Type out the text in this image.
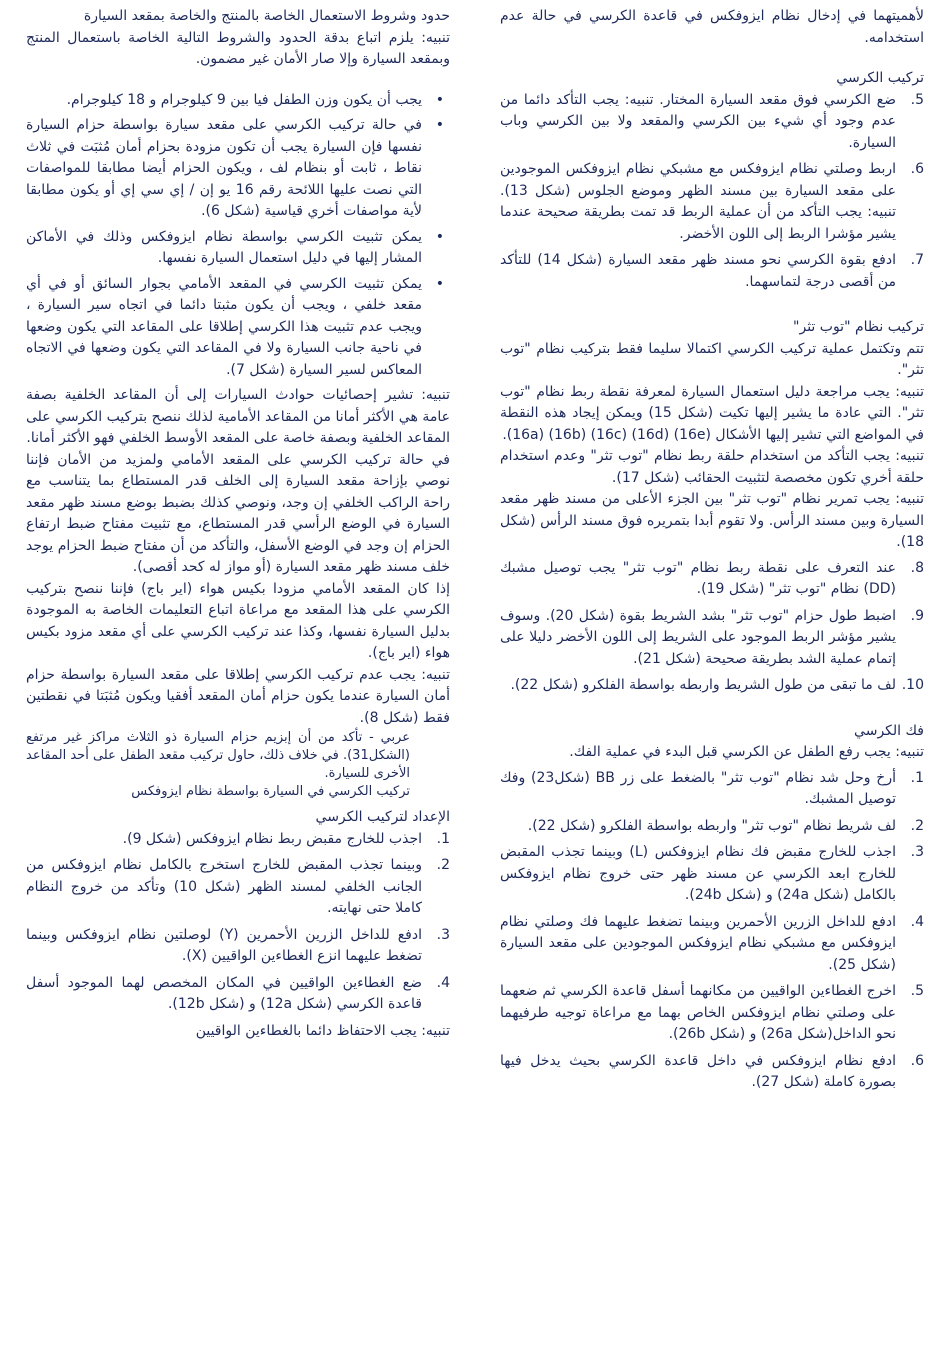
لأهميتهما في إدخال نظام ايزوفكس في قاعدة الكرسي في حالة عدم استخدامه.

تركيب الكرسي

5.
ضع الكرسي فوق مقعد السيارة المختار. تنبيه: يجب التأكد دائما من عدم وجود أي شيء بين الكرسي والمقعد ولا بين الكرسي وباب السيارة.
6.
اربط وصلتي نظام ايزوفكس مع مشبكي نظام ايزوفكس الموجودين على مقعد السيارة بين مسند الظهر وموضع الجلوس (شكل 13). تنبيه: يجب التأكد من أن عملية الربط قد تمت بطريقة صحيحة عندما يشير مؤشرا الربط إلى اللون الأخضر.
7.
ادفع بقوة الكرسي نحو مسند ظهر مقعد السيارة (شكل 14) للتأكد من أقصى درجة لتماسهما.

تركيب نظام "توب تثر"

تتم وتكتمل عملية تركيب الكرسي اكتمالا سليما فقط بتركيب نظام "توب تثر".

تنبيه: يجب مراجعة دليل استعمال السيارة لمعرفة نقطة ربط نظام "توب تثر". التي عادة ما يشير إليها تكيت (شكل 15) ويمكن إيجاد هذه النقطة في المواضع التي تشير إليها الأشكال (16e) (16d) (16c) (16b) (16a).

تنبيه: يجب التأكد من استخدام حلقة ربط نظام "توب تثر" وعدم استخدام حلقة أخري تكون مخصصة لتثبيت الحقائب (شكل 17).

تنبيه: يجب تمرير نظام "توب تثر" بين الجزء الأعلى من مسند ظهر مقعد السيارة وبين مسند الرأس. ولا تقوم أبدا بتمريره فوق مسند الرأس (شكل 18).

8.
عند التعرف على نقطة ربط نظام "توب تثر" يجب توصيل مشبك (DD) نظام "توب تثر" (شكل 19).
9.
اضبط طول حزام "توب تثر" بشد الشريط بقوة (شكل 20). وسوف يشير مؤشر الربط الموجود على الشريط إلى اللون الأخضر دليلا على إتمام عملية الشد بطريقة صحيحة (شكل 21).
10.
لف ما تبقى من طول الشريط واربطه بواسطة الفلكرو (شكل 22).

فك الكرسي

تنبيه: يجب رفع الطفل عن الكرسي قبل البدء في عملية الفك.

1.
أرخ وحل شد نظام "توب تثر" بالضغط على زر BB (شكل23) وفك توصيل المشبك.
2.
لف شريط نظام "توب تثر" واربطه بواسطة الفلكرو (شكل 22).
3.
اجذب للخارج مقبض فك نظام ايزوفكس (L) وبينما تجذب المقبض للخارج ابعد الكرسي عن مسند ظهر حتى خروج نظام ايزوفكس بالكامل (شكل 24a) و (شكل 24b).
4.
ادفع للداخل الزرين الأحمرين وبينما تضغط عليهما فك وصلتي نظام ايزوفكس مع مشبكي نظام ايزوفكس الموجودين على مقعد السيارة (شكل 25).
5.
اخرج الغطاءين الواقيين من مكانهما أسفل قاعدة الكرسي ثم ضعهما على وصلتي نظام ايزوفكس الخاص بهما مع مراعاة توجيه طرفيهما نحو الداخل(شكل 26a) و (شكل 26b).
6.
ادفع نظام ايزوفكس في داخل قاعدة الكرسي بحيث يدخل فيها بصورة كاملة (شكل 27).

حدود وشروط الاستعمال الخاصة بالمنتج والخاصة بمقعد السيارة

تنبيه: يلزم اتباع بدقة الحدود والشروط التالية الخاصة باستعمال المنتج وبمقعد السيارة وإلا صار الأمان غير مضمون.

•
يجب أن يكون وزن الطفل فيا بين 9 كيلوجرام و 18 كيلوجرام.
•
في حالة تركيب الكرسي على مقعد سيارة بواسطة حزام السيارة نفسها فإن السيارة يجب أن تكون مزودة بحزام أمان مُثبَت في ثلاث نقاط ، ثابت أو بنظام لف ، ويكون الحزام أيضا مطابقا للمواصفات التي نصت عليها اللائحة رقم 16 يو إن / إي سي إي أو يكون مطابقا لأية مواصفات أخري قياسية (شكل 6).
•
يمكن تثبيت الكرسي بواسطة نظام ايزوفكس وذلك في الأماكن المشار إليها في دليل استعمال السيارة نفسها.
•
يمكن تثبيت الكرسي في المقعد الأمامي بجوار السائق أو في أي مقعد خلفي ، ويجب أن يكون مثبتا دائما في اتجاه سير السيارة ، ويجب عدم تثبيت هذا الكرسي إطلاقا على المقاعد التي يكون وضعها في ناحية جانب السيارة ولا في المقاعد التي يكون وضعها في الاتجاه المعاكس لسير السيارة (شكل 7).

تنبيه: تشير إحصائيات حوادث السيارات إلى أن المقاعد الخلفية بصفة عامة هي الأكثر أمانا من المقاعد الأمامية لذلك ننصح بتركيب الكرسي على المقاعد الخلفية وبصفة خاصة على المقعد الأوسط الخلفي فهو الأكثر أمانا.

في حالة تركيب الكرسي على المقعد الأمامي ولمزيد من الأمان فإننا نوصي بإزاحة مقعد السيارة إلى الخلف قدر المستطاع بما يتناسب مع راحة الراكب الخلفي إن وجد، ونوصي كذلك بضبط بوضع مسند ظهر مقعد السيارة في الوضع الرأسي قدر المستطاع، مع تثبيت مفتاح ضبط ارتفاع الحزام إن وجد في الوضع الأسفل، والتأكد من أن مفتاح ضبط الحزام يوجد خلف مسند ظهر مقعد السيارة (أو مواز له كحد أقصى).

إذا كان المقعد الأمامي مزودا بكيس هواء (اير باج) فإننا ننصح بتركيب الكرسي على هذا المقعد مع مراعاة اتباع التعليمات الخاصة به الموجودة بدليل السيارة نفسها، وكذا عند تركيب الكرسي على أي مقعد مزود بكيس هواء (اير باج).

تنبيه: يجب عدم تركيب الكرسي إطلاقا على مقعد السيارة بواسطة حزام أمان السيارة عندما يكون حزام أمان المقعد أفقيا ويكون مُثبَتا في نقطتين فقط (شكل 8).

عربي - تأكد من أن إبزيم حزام السيارة ذو الثلاث مراكز غير مرتفع (الشكل31). في خلاف ذلك، حاول تركيب مقعد الطفل على أحد المقاعد الأخرى للسيارة.

تركيب الكرسي في السيارة بواسطة نظام ايزوفكس

الإعداد لتركيب الكرسي

1.
اجذب للخارج مقبض ربط نظام ايزوفكس (شكل 9).
2.
وبينما تجذب المقبض للخارج استخرج بالكامل نظام ايزوفكس من الجانب الخلفي لمسند الظهر (شكل 10) وتأكد من خروج النظام كاملا حتى نهايته.
3.
ادفع للداخل الزرين الأحمرين (Y) لوصلتين نظام ايزوفكس وبينما تضغط عليهما انزع الغطاءين الواقيين (X).
4.
ضع الغطاءين الواقيين في المكان المخصص لهما الموجود أسفل قاعدة الكرسي (شكل 12a) و (شكل 12b).

تنبيه: يجب الاحتفاظ دائما بالغطاءين الواقيين
